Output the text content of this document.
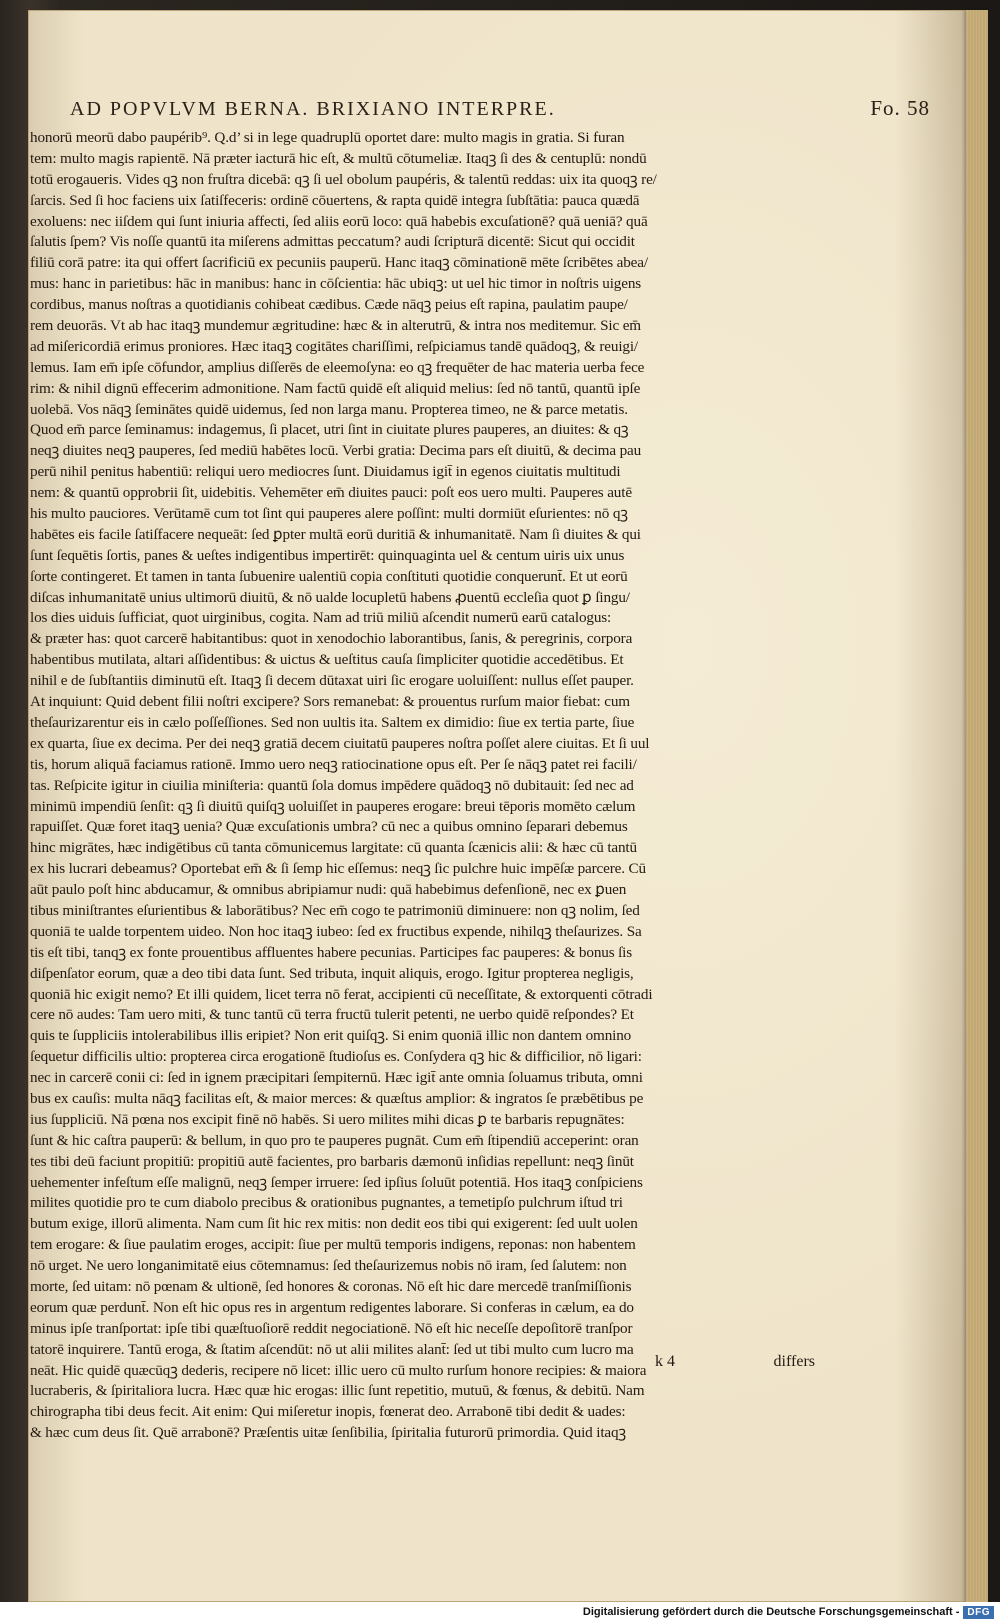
AD POPVLVM BERNA. BRIXIANO INTERPRE.	Fo. 58
honorū meorū dabo paupérib⁹. Q.d’ si in lege quadruplū oportet dare: multo magis in gratia. Si furan
tem: multo magis rapientē. Nā præter iacturā hic eſt, & multū cōtumeliæ. Itaqꝫ ſi des & centuplū: nondū
totū erogaueris. Vides qꝫ non fruſtra dicebā: qꝫ ſi uel obolum paupéris, & talentū reddas: uix ita quoqꝫ re/
ſarcis. Sed ſi hoc faciens uix ſatiſfeceris: ordinē cōuertens, & rapta quidē integra ſubſtātia: pauca quædā
exoluens: nec iiſdem qui ſunt iniuria affecti, ſed aliis eorū loco: quā habebis excuſationē? quā ueniā? quā
ſalutis ſpem? Vis noſſe quantū ita miſerens admittas peccatum? audi ſcripturā dicentē: Sicut qui occidit
filiū corā patre: ita qui offert ſacrificiū ex pecuniis pauperū. Hanc itaqꝫ cōminationē mēte ſcribētes abea/
mus: hanc in parietibus: hāc in manibus: hanc in cōſcientia: hāc ubiqꝫ: ut uel hic timor in noſtris uigens
cordibus, manus noſtras a quotidianis cohibeat cædibus. Cæde nāqꝫ peius eſt rapina, paulatim paupe/
rem deuorās. Vt ab hac itaqꝫ mundemur ægritudine: hæc & in alterutrū, & intra nos meditemur. Sic em̄
ad miſericordiā erimus proniores. Hæc itaqꝫ cogitātes chariſſimi, reſpiciamus tandē quādoqꝫ, & reuigi/
lemus. Iam em̄ ipſe cōfundor, amplius diſſerēs de eleemoſyna: eo qꝫ frequēter de hac materia uerba fece
rim: & nihil dignū effecerim admonitione. Nam factū quidē eſt aliquid melius: ſed nō tantū, quantū ipſe
uolebā. Vos nāqꝫ ſeminātes quidē uidemus, ſed non larga manu. Propterea timeo, ne & parce metatis.
Quod em̄ parce ſeminamus: indagemus, ſi placet, utri ſint in ciuitate plures pauperes, an diuites: & qꝫ
neqꝫ diuites neqꝫ pauperes, ſed mediū habētes locū. Verbi gratia: Decima pars eſt diuitū, & decima pau
perū nihil penitus habentiū: reliqui uero mediocres ſunt. Diuidamus igit̄ in egenos ciuitatis multitudi
nem: & quantū opprobrii ſit, uidebitis. Vehemēter em̄ diuites pauci: poſt eos uero multi. Pauperes autē
his multo pauciores. Verūtamē cum tot ſint qui pauperes alere poſſint: multi dormiūt eſurientes: nō qꝫ
habētes eis facile ſatiſfacere nequeāt: ſed ꝑpter multā eorū duritiā & inhumanitatē. Nam ſi diuites & qui
ſunt ſequētis ſortis, panes & ueſtes indigentibus impertirēt: quinquaginta uel & centum uiris uix unus
ſorte contingeret. Et tamen in tanta ſubuenire ualentiū copia conſtituti quotidie conquerunt̄. Et ut eorū
diſcas inhumanitatē unius ultimorū diuitū, & nō ualde locupletū habens ꝓuentū eccleſia quot ꝑ ſingu/
los dies uiduis ſufficiat, quot uirginibus, cogita. Nam ad triū miliū aſcendit numerū earū catalogus:
& præter has: quot carcerē habitantibus: quot in xenodochio laborantibus, ſanis, & peregrinis, corpora
habentibus mutilata, altari aſſidentibus: & uictus & ueſtitus cauſa ſimpliciter quotidie accedētibus. Et
nihil e de ſubſtantiis diminutū eſt. Itaqꝫ ſi decem dūtaxat uiri ſic erogare uoluiſſent: nullus eſſet pauper.
At inquiunt: Quid debent filii noſtri excipere? Sors remanebat: & prouentus rurſum maior fiebat: cum
theſaurizarentur eis in cælo poſſeſſiones. Sed non uultis ita. Saltem ex dimidio: ſiue ex tertia parte, ſiue
ex quarta, ſiue ex decima. Per dei neqꝫ gratiā decem ciuitatū pauperes noſtra poſſet alere ciuitas. Et ſi uul
tis, horum aliquā faciamus rationē. Immo uero neqꝫ ratiocinatione opus eſt. Per ſe nāqꝫ patet rei facili/
tas. Reſpicite igitur in ciuilia miniſteria: quantū ſola domus impēdere quādoqꝫ nō dubitauit: ſed nec ad
minimū impendiū ſenſit: qꝫ ſi diuitū quiſqꝫ uoluiſſet in pauperes erogare: breui tēporis momēto cælum
rapuiſſet. Quæ foret itaqꝫ uenia? Quæ excuſationis umbra? cū nec a quibus omnino ſeparari debemus
hinc migrātes, hæc indigētibus cū tanta cōmunicemus largitate: cū quanta ſcænicis alii: & hæc cū tantū
ex his lucrari debeamus? Oportebat em̄ & ſi ſemp hic eſſemus: neqꝫ ſic pulchre huic impēſæ parcere. Cū
aūt paulo poſt hinc abducamur, & omnibus abripiamur nudi: quā habebimus defenſionē, nec ex ꝑuen
tibus miniſtrantes eſurientibus & laborātibus? Nec em̄ cogo te patrimoniū diminuere: non qꝫ nolim, ſed
quoniā te ualde torpentem uideo. Non hoc itaqꝫ iubeo: ſed ex fructibus expende, nihilqꝫ theſaurizes. Sa
tis eſt tibi, tanqꝫ ex fonte prouentibus affluentes habere pecunias. Participes fac pauperes: & bonus ſis
diſpenſator eorum, quæ a deo tibi data ſunt. Sed tributa, inquit aliquis, erogo. Igitur propterea negligis,
quoniā hic exigit nemo? Et illi quidem, licet terra nō ferat, accipienti cū neceſſitate, & extorquenti cōtradi
cere nō audes: Tam uero miti, & tunc tantū cū terra fructū tulerit petenti, ne uerbo quidē reſpondes? Et
quis te ſuppliciis intolerabilibus illis eripiet? Non erit quiſqꝫ. Si enim quoniā illic non dantem omnino
ſequetur difficilis ultio: propterea circa erogationē ſtudioſus es. Conſydera qꝫ hic & difficilior, nō ligari:
nec in carcerē conii ci: ſed in ignem præcipitari ſempiternū. Hæc igit̄ ante omnia ſoluamus tributa, omni
bus ex cauſis: multa nāqꝫ facilitas eſt, & maior merces: & quæſtus amplior: & ingratos ſe præbētibus pe
ius ſuppliciū. Nā pœna nos excipit finē nō habēs. Si uero milites mihi dicas ꝑ te barbaris repugnātes:
ſunt & hic caſtra pauperū: & bellum, in quo pro te pauperes pugnāt. Cum em̄ ſtipendiū acceperint: oran
tes tibi deū faciunt propitiū: propitiū autē facientes, pro barbaris dæmonū inſidias repellunt: neqꝫ ſinūt
uehementer infeſtum eſſe malignū, neqꝫ ſemper irruere: ſed ipſius ſoluūt potentiā. Hos itaqꝫ conſpiciens
milites quotidie pro te cum diabolo precibus & orationibus pugnantes, a temetipſo pulchrum iſtud tri
butum exige, illorū alimenta. Nam cum ſit hic rex mitis: non dedit eos tibi qui exigerent: ſed uult uolen
tem erogare: & ſiue paulatim eroges, accipit: ſiue per multū temporis indigens, reponas: non habentem
nō urget. Ne uero longanimitatē eius cōtemnamus: ſed theſaurizemus nobis nō iram, ſed ſalutem: non
morte, ſed uitam: nō pœnam & ultionē, ſed honores & coronas. Nō eſt hic dare mercedē tranſmiſſionis
eorum quæ perdunt̄. Non eſt hic opus res in argentum redigentes laborare. Si conferas in cælum, ea do
minus ipſe tranſportat: ipſe tibi quæſtuoſiorē reddit negociationē. Nō eſt hic neceſſe depoſitorē tranſpor
tatorē inquirere. Tantū eroga, & ſtatim aſcendūt: nō ut alii milites alant̄: ſed ut tibi multo cum lucro ma
neāt. Hic quidē quæcūqꝫ dederis, recipere nō licet: illic uero cū multo rurſum honore recipies: & maiora
lucraberis, & ſpiritaliora lucra. Hæc quæ hic erogas: illic ſunt repetitio, mutuū, & fœnus, & debitū. Nam
chirographa tibi deus fecit. Ait enim: Qui miſeretur inopis, fœnerat deo. Arrabonē tibi dedit & uades:
& hæc cum deus ſit. Quē arrabonē? Præſentis uitæ ſenſibilia, ſpiritalia futurorū primordia. Quid itaqꝫ
k 4	differs
Digitalisierung gefördert durch die Deutsche Forschungsgemeinschaft - DFG
